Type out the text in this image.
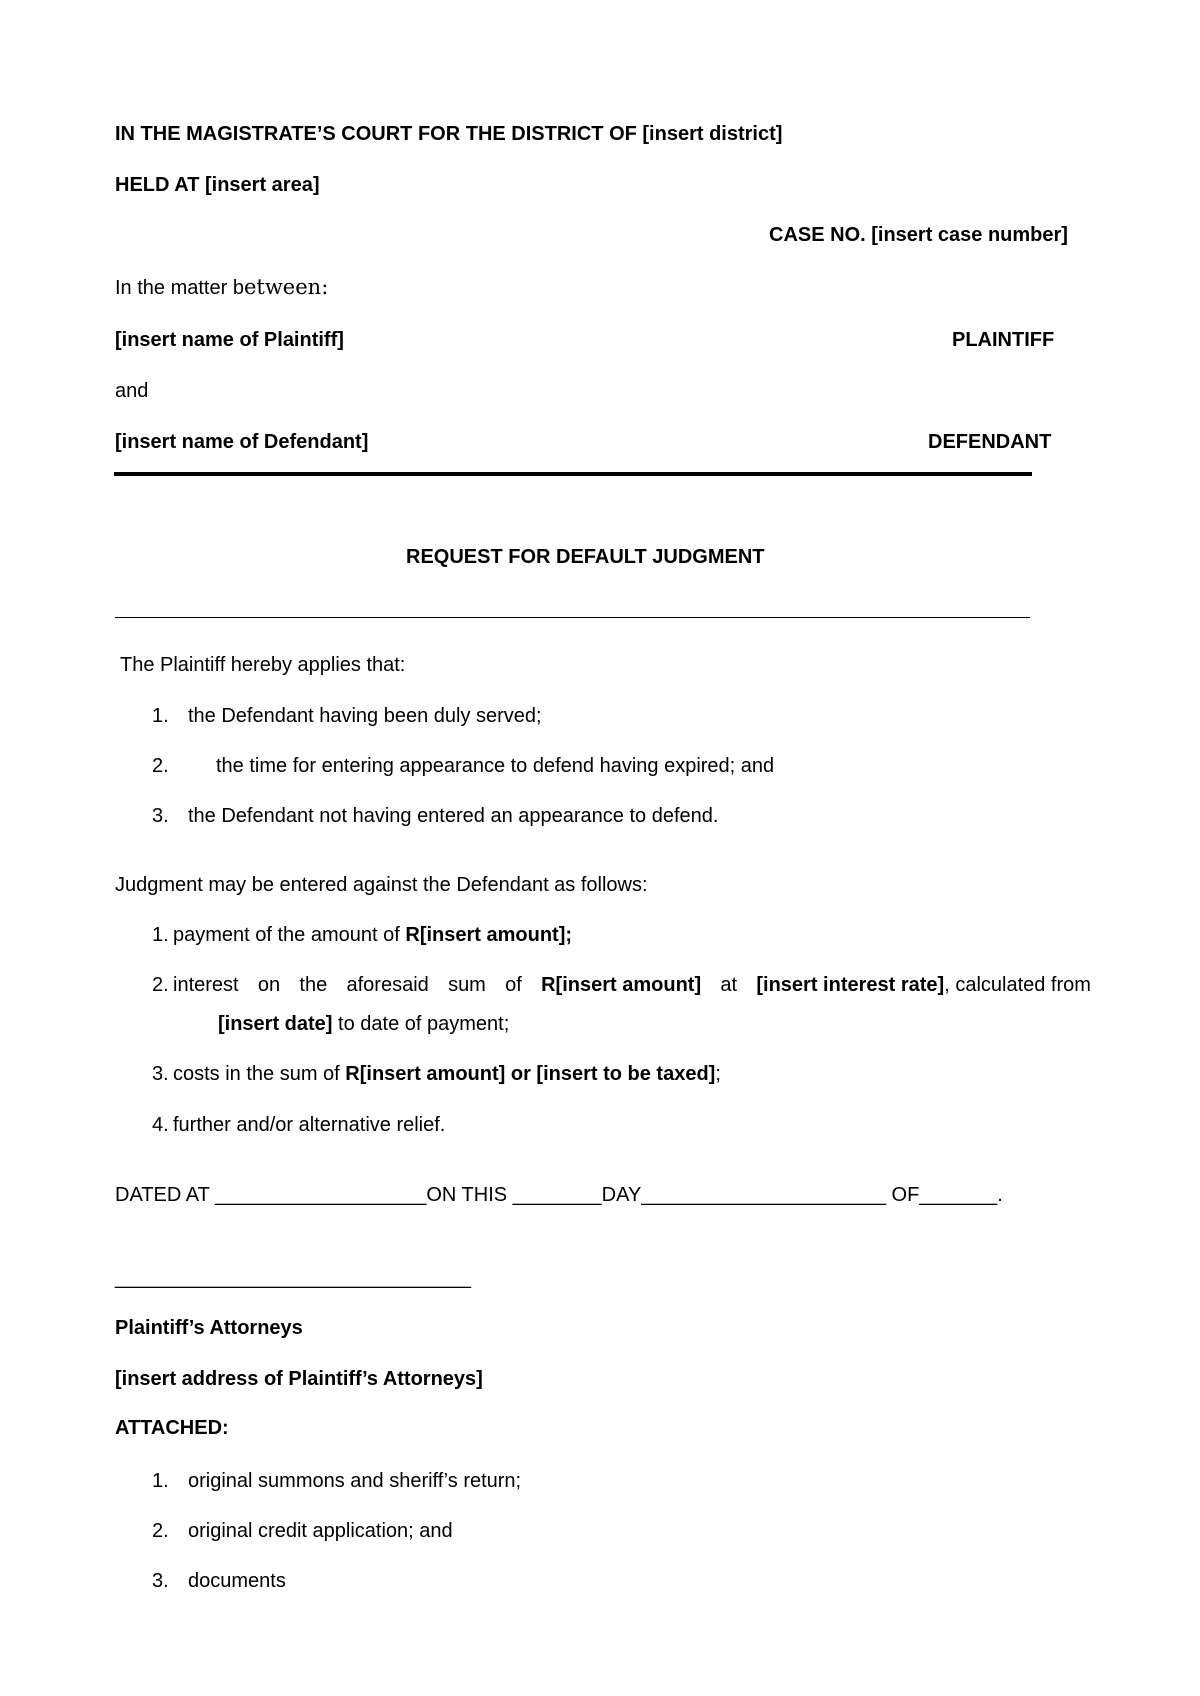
IN THE MAGISTRATE’S COURT FOR THE DISTRICT OF [insert district]
HELD AT [insert area]
CASE NO. [insert case number]
In the matter between:
[insert name of Plaintiff]	PLAINTIFF
and
[insert name of Defendant]	DEFENDANT
REQUEST FOR DEFAULT JUDGMENT
The Plaintiff hereby applies that:
1. the Defendant having been duly served;
2. the time for entering appearance to defend having expired; and
3. the Defendant not having entered an appearance to defend.
Judgment may be entered against the Defendant as follows:
1. payment of the amount of R[insert amount];
2. interest on the aforesaid sum of R[insert amount] at [insert interest rate], calculated from
[insert date] to date of payment;
3. costs in the sum of R[insert amount] or [insert to be taxed];
4. further and/or alternative relief.
DATED AT ___________________ON THIS ________DAY______________________ OF_______.
________________________________
Plaintiff’s Attorneys
[insert address of Plaintiff’s Attorneys]
ATTACHED:
1. original summons and sheriff’s return;
2. original credit application; and
3. documents
